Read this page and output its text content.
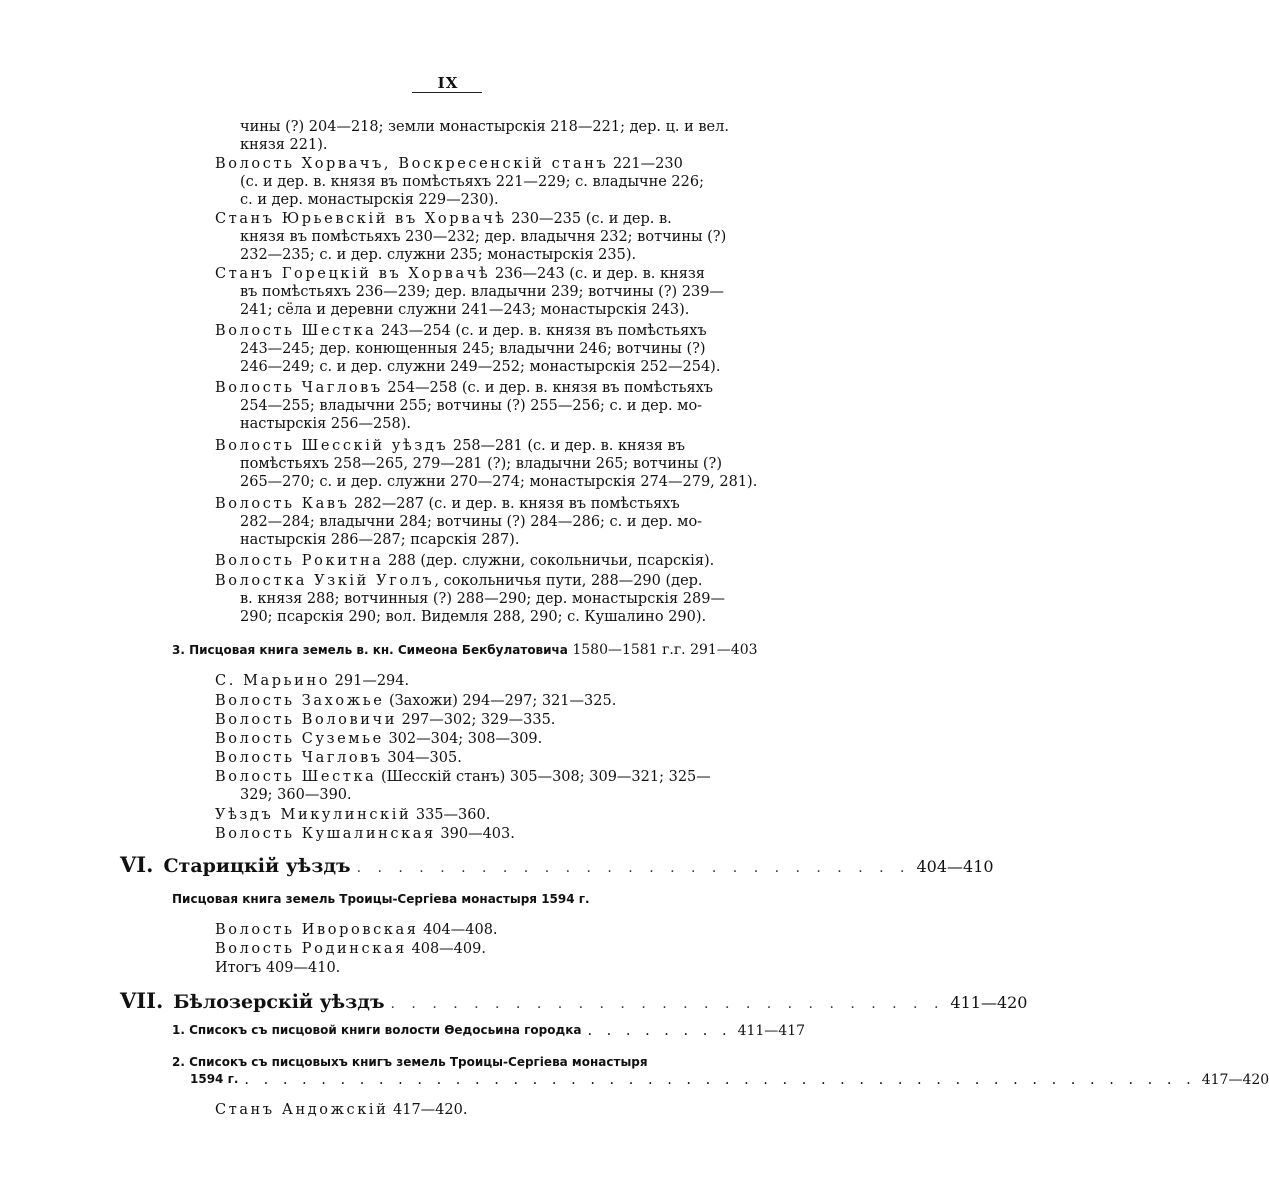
IX
чины (?) 204—218; земли монастырскія 218—221; дер. ц. и вел.
князя 221).
Волость Хорвачъ, Воскресенскій станъ 221—230
(с. и дер. в. князя въ помѣстьяхъ 221—229; с. владычне 226;
с. и дер. монастырскія 229—230).
Станъ Юрьевскій въ Хорвачѣ 230—235 (с. и дер. в.
князя въ помѣстьяхъ 230—232; дер. владычня 232; вотчины (?)
232—235; с. и дер. служни 235; монастырскія 235).
Станъ Горецкій въ Хорвачѣ 236—243 (с. и дер. в. князя
въ помѣстьяхъ 236—239; дер. владычни 239; вотчины (?) 239—
241; сёла и деревни служни 241—243; монастырскія 243).
Волость Шестка 243—254 (с. и дер. в. князя въ помѣстьяхъ
243—245; дер. конющенныя 245; владычни 246; вотчины (?)
246—249; с. и дер. служни 249—252; монастырскія 252—254).
Волость Чагловъ 254—258 (с. и дер. в. князя въ помѣстьяхъ
254—255; владычни 255; вотчины (?) 255—256; с. и дер. мо-
настырскія 256—258).
Волость Шесскій уѣздъ 258—281 (с. и дер. в. князя въ
помѣстьяхъ 258—265, 279—281 (?); владычни 265; вотчины (?)
265—270; с. и дер. служни 270—274; монастырскія 274—279, 281).
Волость Кавъ 282—287 (с. и дер. в. князя въ помѣстьяхъ
282—284; владычни 284; вотчины (?) 284—286; с. и дер. мо-
настырскія 286—287; псарскія 287).
Волость Рокитна 288 (дер. служни, сокольничьи, псарскія).
Волостка Узкій Уголъ, сокольничья пути, 288—290 (дер.
в. князя 288; вотчинныя (?) 288—290; дер. монастырскія 289—
290; псарскія 290; вол. Видемля 288, 290; с. Кушалино 290).
3. Писцовая книга земель в. кн. Симеона Бекбулатовича 1580—1581 г.г. 291—403
С. Марьино 291—294.
Волость Захожье (Захожи) 294—297; 321—325.
Волость Воловичи 297—302; 329—335.
Волость Суземье 302—304; 308—309.
Волость Чагловъ 304—305.
Волость Шестка (Шесскій станъ) 305—308; 309—321; 325—
329; 360—390.
Уѣздъ Микулинскій 335—360.
Волость Кушалинская 390—403.
VI. Старицкій уѣздъ . . . . . . . . . . . . . . . . . . . . . . . . . . . 404—410
Писцовая книга земель Троицы-Сергіева монастыря 1594 г.
Волость Иворовская 404—408.
Волость Родинская 408—409.
Итогъ 409—410.
VII. Бѣлозерскій уѣздъ . . . . . . . . . . . . . . . . . . . . . . . . . . . 411—420
1. Списокъ съ писцовой книги волости Ѳедосьина городка . . . . . . . . 411—417
2. Списокъ съ писцовыхъ книгъ земель Троицы-Сергіева монастыря
1594 г. . . . . . . . . . . . . . . . . . . . . . . . . . . . . . . . . . . . . . . . . . . . . . . . . . . 417—420
Станъ Андожскій 417—420.
